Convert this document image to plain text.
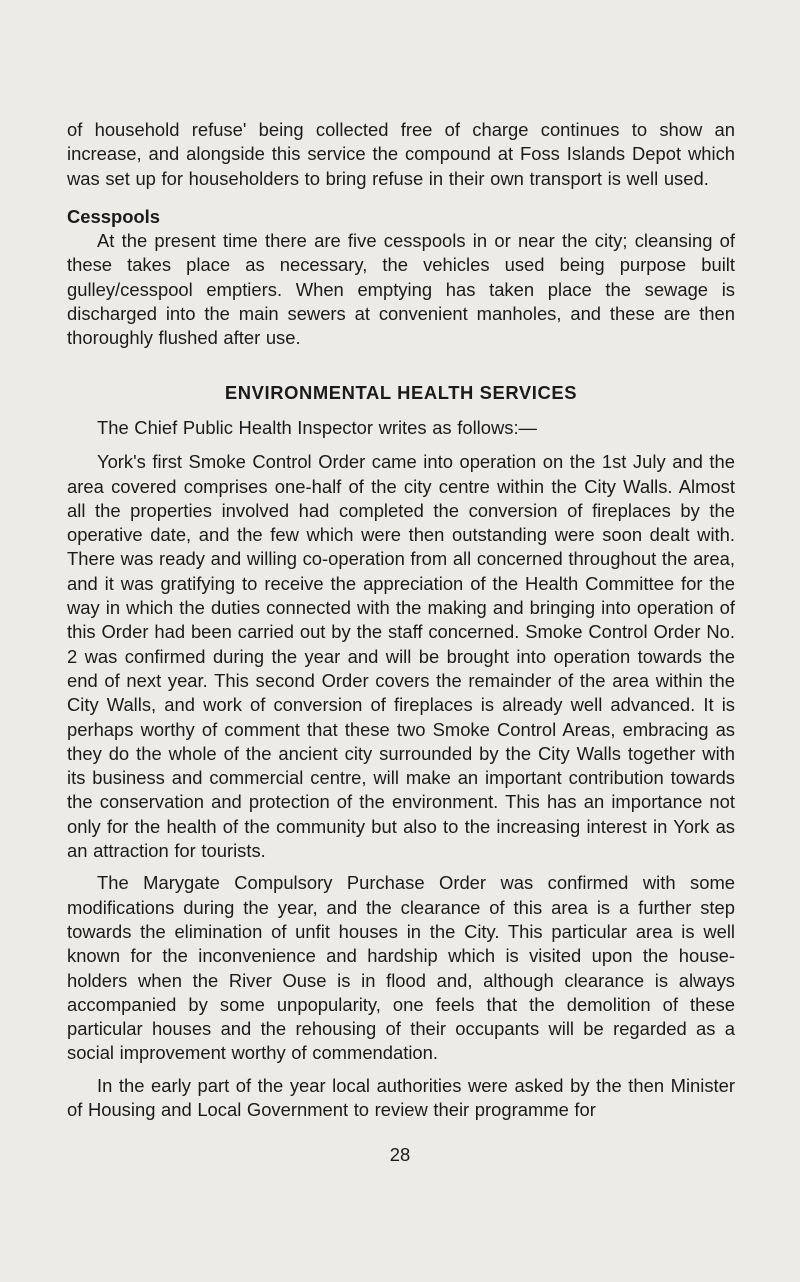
of household refuse' being collected free of charge continues to show an increase, and alongside this service the compound at Foss Islands Depot which was set up for householders to bring refuse in their own transport is well used.

Cesspools

At the present time there are five cesspools in or near the city; cleansing of these takes place as necessary, the vehicles used being purpose built gulley/cesspool emptiers. When emptying has taken place the sewage is discharged into the main sewers at convenient manholes, and these are then thoroughly flushed after use.

ENVIRONMENTAL HEALTH SERVICES

The Chief Public Health Inspector writes as follows:—

York's first Smoke Control Order came into operation on the 1st July and the area covered comprises one-half of the city centre within the City Walls. Almost all the properties involved had completed the conversion of fireplaces by the operative date, and the few which were then outstanding were soon dealt with. There was ready and willing co-operation from all concerned throughout the area, and it was gratifying to receive the appreciation of the Health Committee for the way in which the duties connected with the making and bringing into operation of this Order had been carried out by the staff concerned. Smoke Control Order No. 2 was confirmed during the year and will be brought into operation towards the end of next year. This second Order covers the remainder of the area within the City Walls, and work of conversion of fireplaces is already well advanced. It is perhaps worthy of comment that these two Smoke Control Areas, embracing as they do the whole of the ancient city surrounded by the City Walls together with its business and commercial centre, will make an important contribution towards the conservation and protection of the environment. This has an importance not only for the health of the community but also to the increasing interest in York as an attraction for tourists.

The Marygate Compulsory Purchase Order was confirmed with some modifications during the year, and the clearance of this area is a further step towards the elimination of unfit houses in the City. This particular area is well known for the inconvenience and hardship which is visited upon the house-holders when the River Ouse is in flood and, although clearance is always accompanied by some unpopularity, one feels that the demolition of these particular houses and the rehousing of their occupants will be regarded as a social improvement worthy of commendation.

In the early part of the year local authorities were asked by the then Minister of Housing and Local Government to review their programme for

28
